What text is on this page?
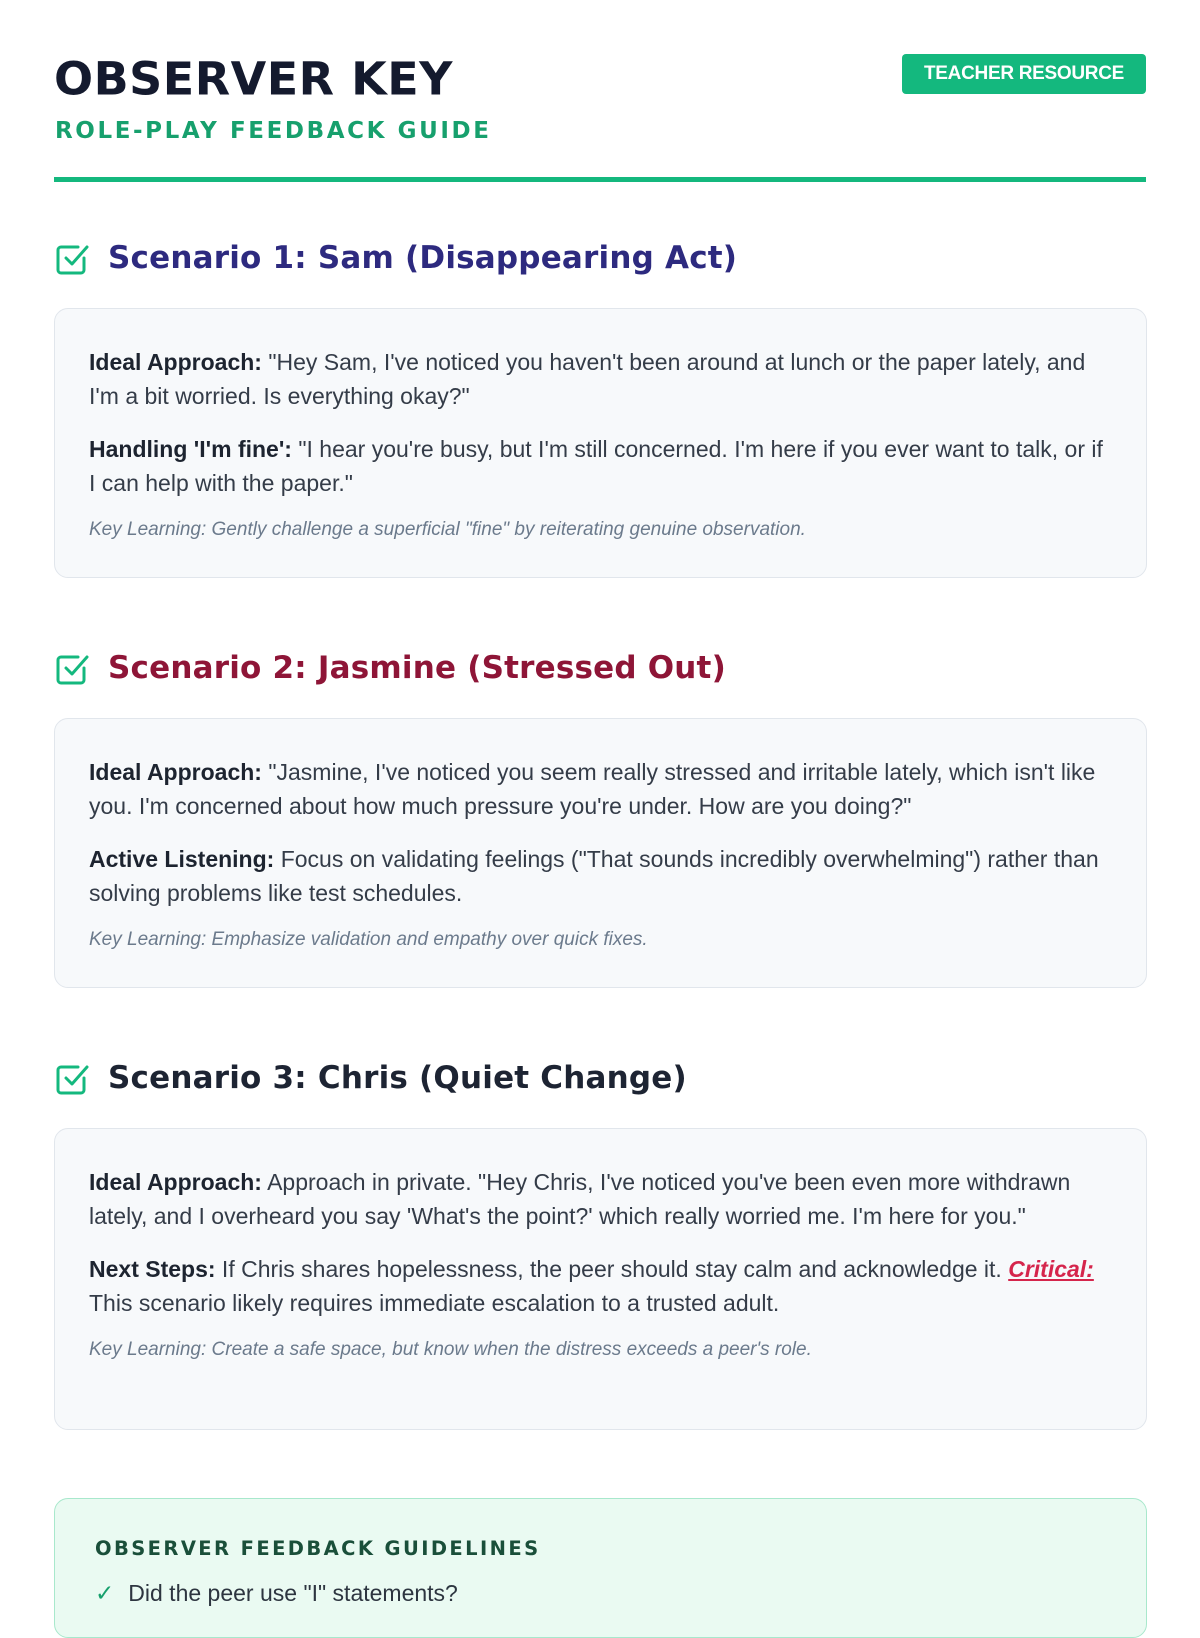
OBSERVER KEY
ROLE-PLAY FEEDBACK GUIDE
TEACHER RESOURCE
Scenario 1: Sam (Disappearing Act)

Ideal Approach: "Hey Sam, I've noticed you haven't been around at lunch or the paper lately, and I'm a bit worried. Is everything okay?"

Handling 'I'm fine': "I hear you're busy, but I'm still concerned. I'm here if you ever want to talk, or if I can help with the paper."

Key Learning: Gently challenge a superficial "fine" by reiterating genuine observation.

Scenario 2: Jasmine (Stressed Out)

Ideal Approach: "Jasmine, I've noticed you seem really stressed and irritable lately, which isn't like you. I'm concerned about how much pressure you're under. How are you doing?"

Active Listening: Focus on validating feelings ("That sounds incredibly overwhelming") rather than solving problems like test schedules.

Key Learning: Emphasize validation and empathy over quick fixes.

Scenario 3: Chris (Quiet Change)

Ideal Approach: Approach in private. "Hey Chris, I've noticed you've been even more withdrawn lately, and I overheard you say 'What's the point?' which really worried me. I'm here for you."

Next Steps: If Chris shares hopelessness, the peer should stay calm and acknowledge it. Critical: This scenario likely requires immediate escalation to a trusted adult.

Key Learning: Create a safe space, but know when the distress exceeds a peer's role.

OBSERVER FEEDBACK GUIDELINES
✓ Did the peer use "I" statements?
